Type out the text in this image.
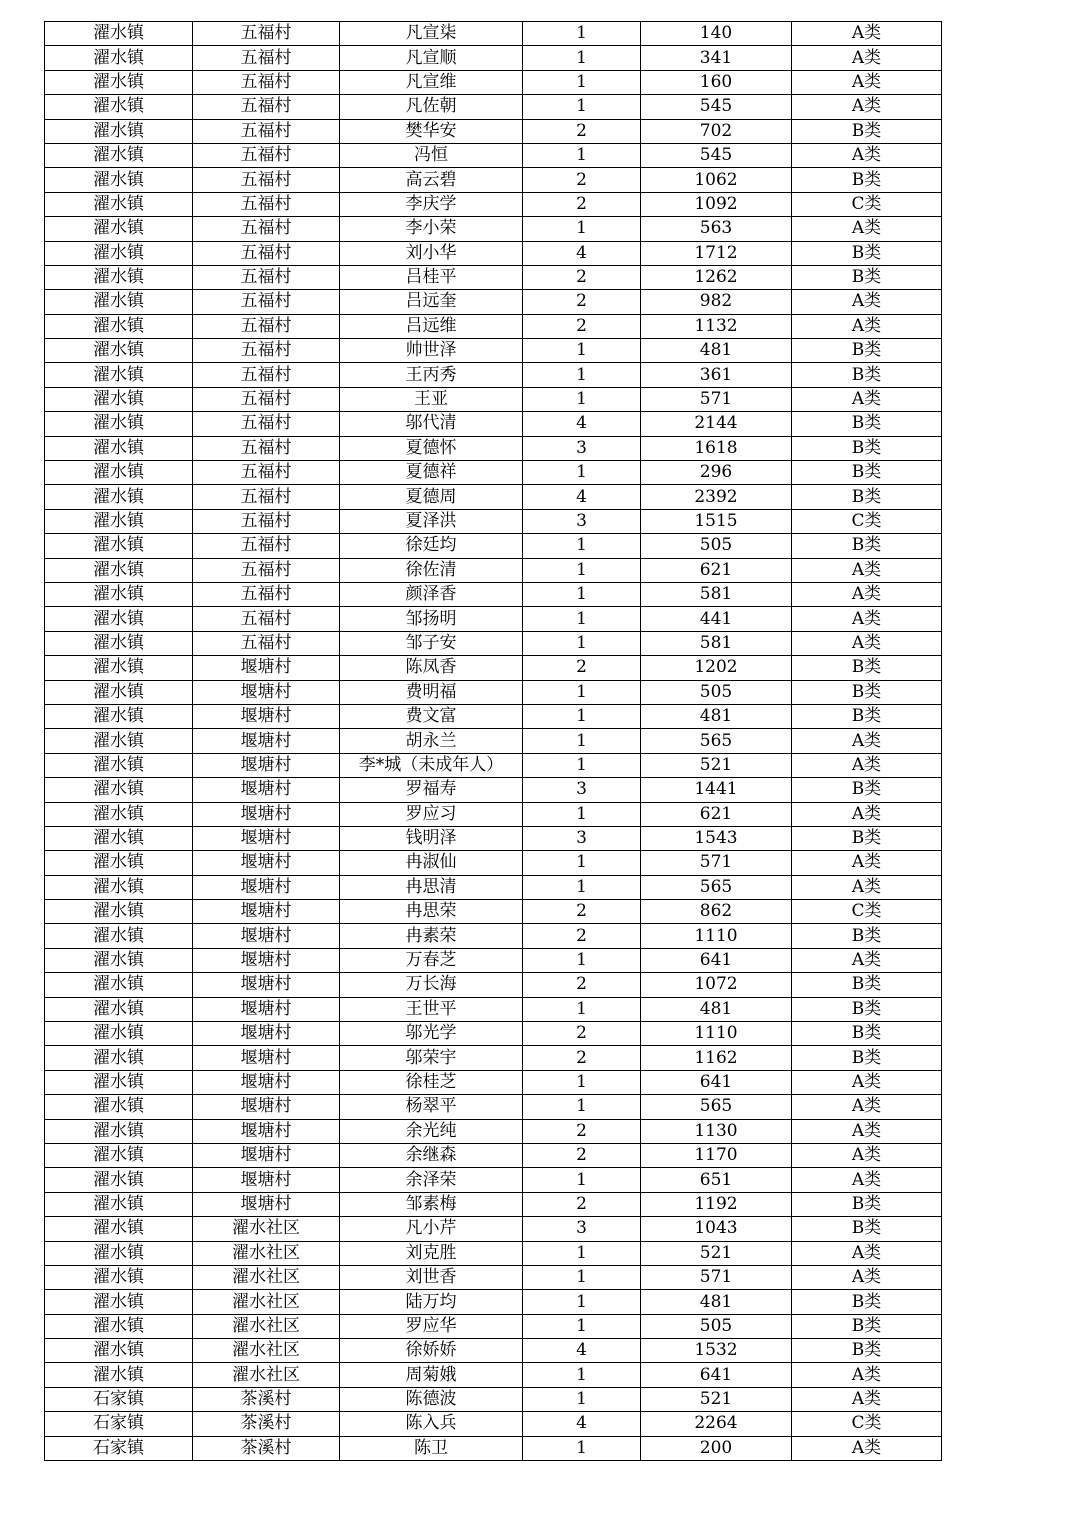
濯水镇	五福村	凡宣柒	1	140	A类
濯水镇	五福村	凡宣顺	1	341	A类
濯水镇	五福村	凡宣维	1	160	A类
濯水镇	五福村	凡佐朝	1	545	A类
濯水镇	五福村	樊华安	2	702	B类
濯水镇	五福村	冯恒	1	545	A类
濯水镇	五福村	高云碧	2	1062	B类
濯水镇	五福村	李庆学	2	1092	C类
濯水镇	五福村	李小荣	1	563	A类
濯水镇	五福村	刘小华	4	1712	B类
濯水镇	五福村	吕桂平	2	1262	B类
濯水镇	五福村	吕远奎	2	982	A类
濯水镇	五福村	吕远维	2	1132	A类
濯水镇	五福村	帅世泽	1	481	B类
濯水镇	五福村	王丙秀	1	361	B类
濯水镇	五福村	王亚	1	571	A类
濯水镇	五福村	邬代清	4	2144	B类
濯水镇	五福村	夏德怀	3	1618	B类
濯水镇	五福村	夏德祥	1	296	B类
濯水镇	五福村	夏德周	4	2392	B类
濯水镇	五福村	夏泽洪	3	1515	C类
濯水镇	五福村	徐廷均	1	505	B类
濯水镇	五福村	徐佐清	1	621	A类
濯水镇	五福村	颜泽香	1	581	A类
濯水镇	五福村	邹扬明	1	441	A类
濯水镇	五福村	邹子安	1	581	A类
濯水镇	堰塘村	陈凤香	2	1202	B类
濯水镇	堰塘村	费明福	1	505	B类
濯水镇	堰塘村	费文富	1	481	B类
濯水镇	堰塘村	胡永兰	1	565	A类
濯水镇	堰塘村	李*城（未成年人）	1	521	A类
濯水镇	堰塘村	罗福寿	3	1441	B类
濯水镇	堰塘村	罗应习	1	621	A类
濯水镇	堰塘村	钱明泽	3	1543	B类
濯水镇	堰塘村	冉淑仙	1	571	A类
濯水镇	堰塘村	冉思清	1	565	A类
濯水镇	堰塘村	冉思荣	2	862	C类
濯水镇	堰塘村	冉素荣	2	1110	B类
濯水镇	堰塘村	万春芝	1	641	A类
濯水镇	堰塘村	万长海	2	1072	B类
濯水镇	堰塘村	王世平	1	481	B类
濯水镇	堰塘村	邬光学	2	1110	B类
濯水镇	堰塘村	邬荣宇	2	1162	B类
濯水镇	堰塘村	徐桂芝	1	641	A类
濯水镇	堰塘村	杨翠平	1	565	A类
濯水镇	堰塘村	余光纯	2	1130	A类
濯水镇	堰塘村	余继森	2	1170	A类
濯水镇	堰塘村	余泽荣	1	651	A类
濯水镇	堰塘村	邹素梅	2	1192	B类
濯水镇	濯水社区	凡小芹	3	1043	B类
濯水镇	濯水社区	刘克胜	1	521	A类
濯水镇	濯水社区	刘世香	1	571	A类
濯水镇	濯水社区	陆万均	1	481	B类
濯水镇	濯水社区	罗应华	1	505	B类
濯水镇	濯水社区	徐娇娇	4	1532	B类
濯水镇	濯水社区	周菊娥	1	641	A类
石家镇	茶溪村	陈德波	1	521	A类
石家镇	茶溪村	陈入兵	4	2264	C类
石家镇	茶溪村	陈卫	1	200	A类
